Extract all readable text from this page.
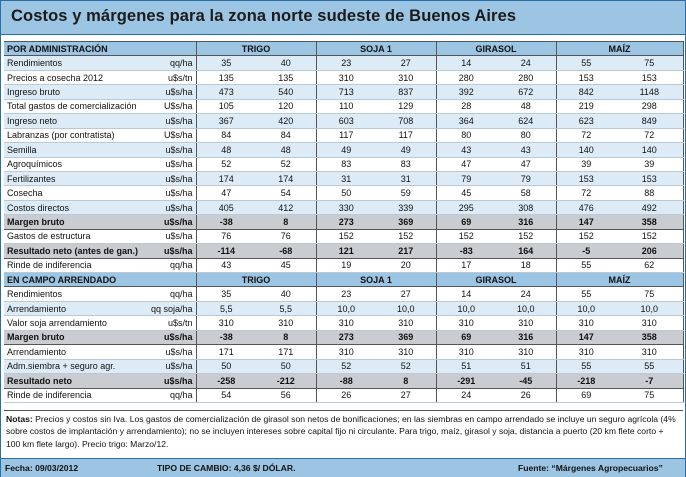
Costos y márgenes para la zona norte sudeste de Buenos Aires
POR ADMINISTRACIÓN		TRIGO		SOJA 1		GIRASOL		MAÍZ	
Rendimientos	qq/ha	35	40	23	27	14	24	55	75
Precios a cosecha 2012	u$s/tn	135	135	310	310	280	280	153	153
Ingreso bruto	u$s/ha	473	540	713	837	392	672	842	1148
Total gastos de comercialización	U$s/ha	105	120	110	129	28	48	219	298
Ingreso neto	u$s/ha	367	420	603	708	364	624	623	849
Labranzas (por contratista)	U$s/ha	84	84	117	117	80	80	72	72
Semilla	u$s/ha	48	48	49	49	43	43	140	140
Agroquímicos	u$s/ha	52	52	83	83	47	47	39	39
Fertilizantes	u$s/ha	174	174	31	31	79	79	153	153
Cosecha	u$s/ha	47	54	50	59	45	58	72	88
Costos directos	u$s/ha	405	412	330	339	295	308	476	492
Margen bruto	u$s/ha	-38	8	273	369	69	316	147	358
Gastos de estructura	u$s/ha	76	76	152	152	152	152	152	152
Resultado neto (antes de gan.)	u$s/ha	-114	-68	121	217	-83	164	-5	206
Rinde de indiferencia	qq/ha	43	45	19	20	17	18	55	62
EN CAMPO ARRENDADO		TRIGO		SOJA 1		GIRASOL		MAÍZ	
Rendimientos	qq/ha	35	40	23	27	14	24	55	75
Arrendamiento	qq soja/ha	5,5	5,5	10,0	10,0	10,0	10,0	10,0	10,0
Valor soja arrendamiento	u$s/tn	310	310	310	310	310	310	310	310
Margen bruto	u$s/ha	-38	8	273	369	69	316	147	358
Arrendamiento	u$s/ha	171	171	310	310	310	310	310	310
Adm.siembra + seguro agr.	u$s/ha	50	50	52	52	51	51	55	55
Resultado neto	u$s/ha	-258	-212	-88	8	-291	-45	-218	-7
Rinde de indiferencia	qq/ha	54	56	26	27	24	26	69	75
Notas: Precios y costos sin Iva. Los gastos de comercialización de girasol son netos de bonificaciones; en las siembras en campo arrendado se incluye un seguro agrícola (4% sobre costos de implantación y arrendamiento); no se incluyen intereses sobre capital fijo ni circulante. Para trigo, maíz, girasol y soja, distancia a puerto (20 km flete corto + 100 km flete largo). Precio trigo: Marzo/12.
Fecha: 09/03/2012	TIPO DE CAMBIO: 4,36 $/ DÓLAR.	Fuente: “Márgenes Agropecuarios”
